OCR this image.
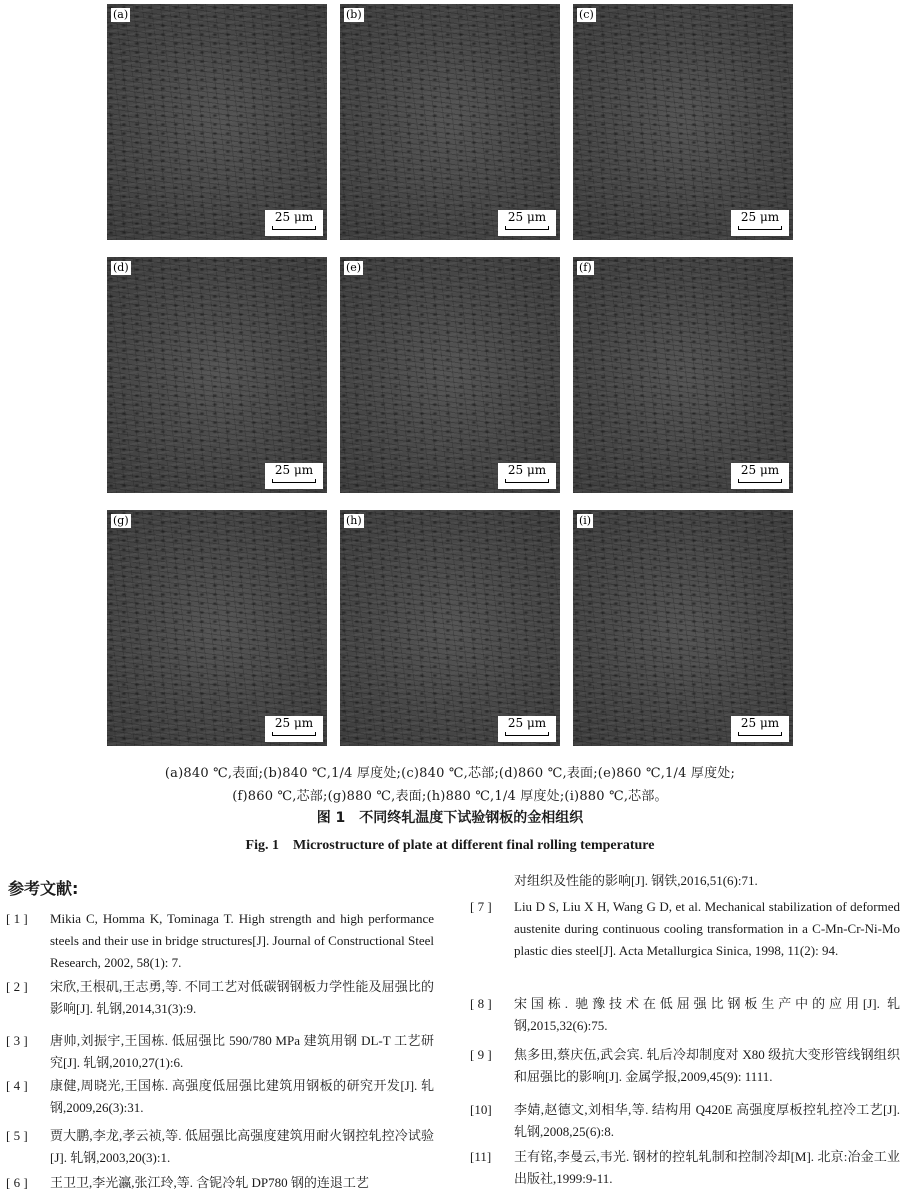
(a)
25 μm
(b)
25 μm
(c)
25 μm
(d)
25 μm
(e)
25 μm
(f)
25 μm
(g)
25 μm
(h)
25 μm
(i)
25 μm
(a)840 ℃,表面;(b)840 ℃,1/4 厚度处;(c)840 ℃,芯部;(d)860 ℃,表面;(e)860 ℃,1/4 厚度处;
(f)860 ℃,芯部;(g)880 ℃,表面;(h)880 ℃,1/4 厚度处;(i)880 ℃,芯部。
图 1　不同终轧温度下试验钢板的金相组织
Fig. 1　Microstructure of plate at different final rolling temperature
参考文献:
[ 1 ]	Mikia C, Homma K, Tominaga T. High strength and high performance steels and their use in bridge structures[J]. Journal of Constructional Steel Research, 2002, 58(1): 7.
[ 2 ]	宋欣,王根矶,王志勇,等. 不同工艺对低碳钢钢板力学性能及屈强比的影响[J]. 轧钢,2014,31(3):9.
[ 3 ]	唐帅,刘振宇,王国栋. 低屈强比 590/780 MPa 建筑用钢 DL-T 工艺研究[J]. 轧钢,2010,27(1):6.
[ 4 ]	康健,周晓光,王国栋. 高强度低屈强比建筑用钢板的研究开发[J]. 轧钢,2009,26(3):31.
[ 5 ]	贾大鹏,李龙,孝云祯,等. 低屈强比高强度建筑用耐火钢控轧控冷试验[J]. 轧钢,2003,20(3):1.
[ 6 ]	王卫卫,李光瀛,张江玲,等. 含铌冷轧 DP780 钢的连退工艺
对组织及性能的影响[J]. 钢铁,2016,51(6):71.
[ 7 ]	Liu D S, Liu X H, Wang G D, et al. Mechanical stabilization of deformed austenite during continuous cooling transformation in a C-Mn-Cr-Ni-Mo plastic dies steel[J]. Acta Metallurgica Sinica, 1998, 11(2): 94.
[ 8 ]	宋国栋. 驰豫技术在低屈强比钢板生产中的应用[J]. 轧钢,2015,32(6):75.
[ 9 ]	焦多田,蔡庆伍,武会宾. 轧后冷却制度对 X80 级抗大变形管线钢组织和屈强比的影响[J]. 金属学报,2009,45(9): 1111.
[10]	李婧,赵德文,刘相华,等. 结构用 Q420E 高强度厚板控轧控冷工艺[J]. 轧钢,2008,25(6):8.
[11]	王有铭,李曼云,韦光. 钢材的控轧轧制和控制冷却[M]. 北京:冶金工业出版社,1999:9-11.
